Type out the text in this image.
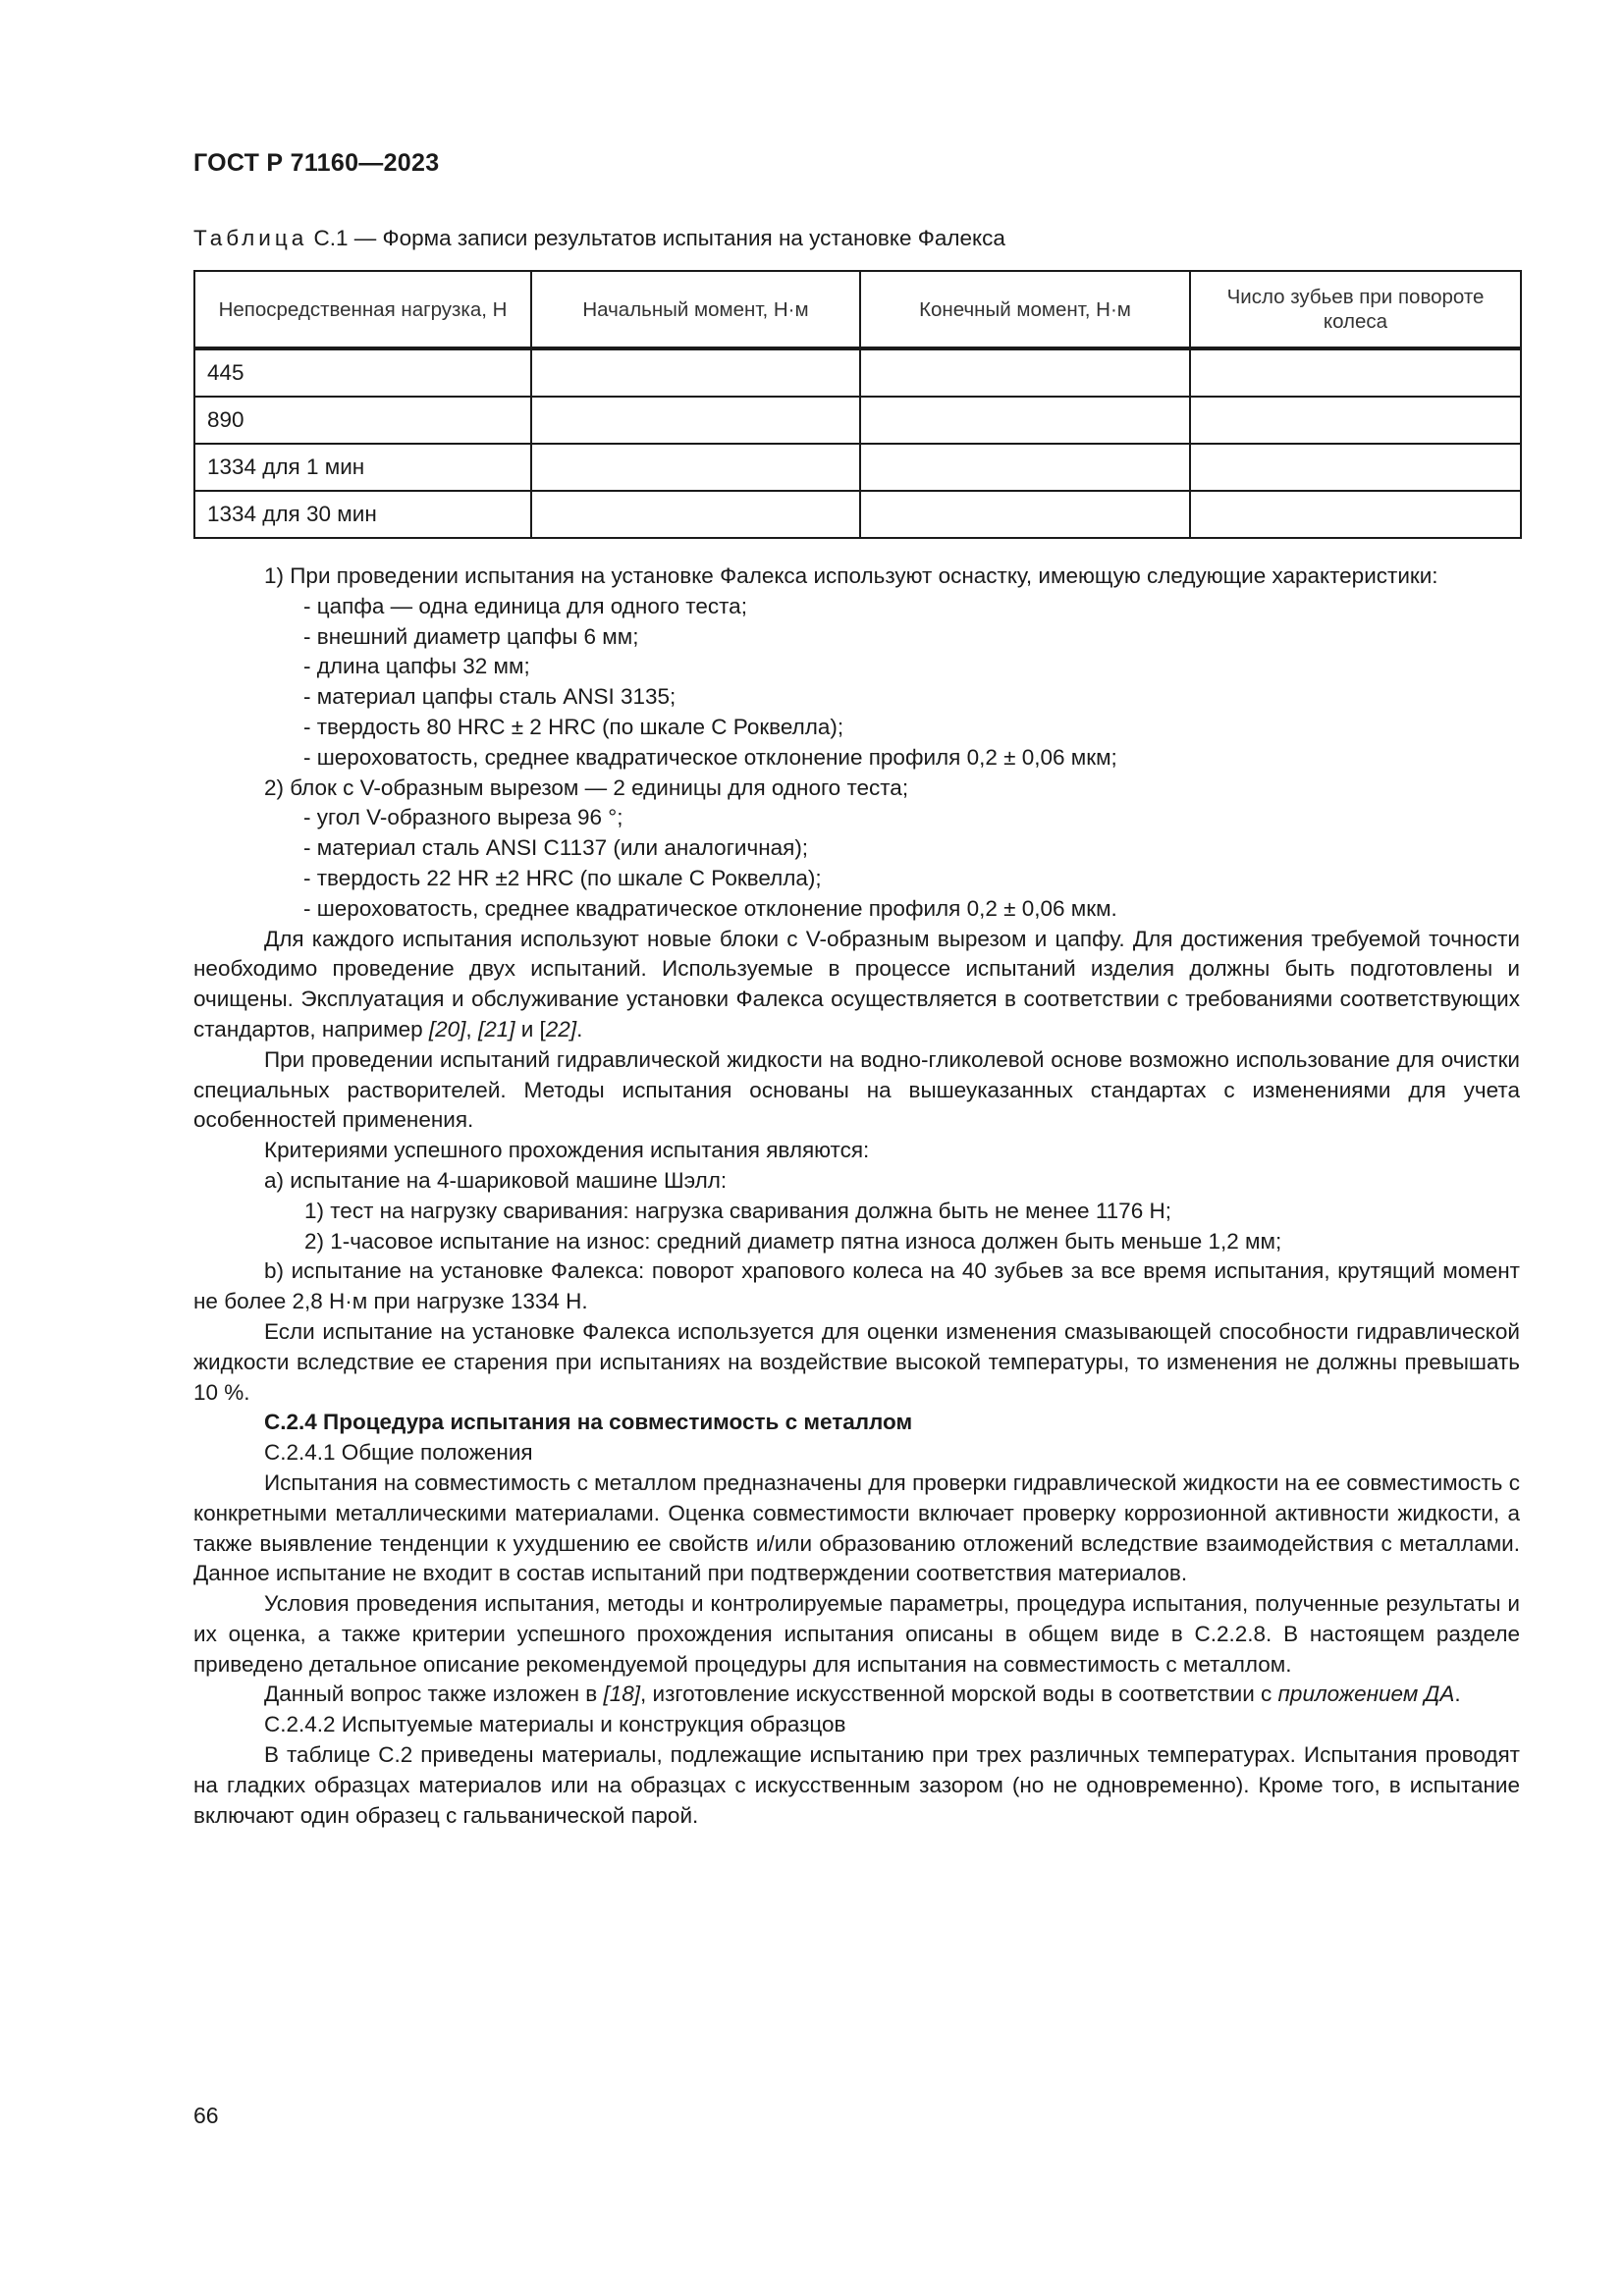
ГОСТ Р 71160—2023
Таблица С.1 — Форма записи результатов испытания на установке Фалекса
Непосредственная нагрузка, Н	Начальный момент, Н·м	Конечный момент, Н·м	Число зубьев при повороте колеса
445			
890			
1334 для 1 мин			
1334 для 30 мин			

1) При проведении испытания на установке Фалекса используют оснастку, имеющую следующие характеристики:

- цапфа — одна единица для одного теста;

- внешний диаметр цапфы 6 мм;

- длина цапфы 32 мм;

- материал цапфы сталь ANSI 3135;

- твердость 80 HRC ± 2 HRC (по шкале С Роквелла);

- шероховатость, среднее квадратическое отклонение профиля 0,2 ± 0,06 мкм;

2) блок с V-образным вырезом — 2 единицы для одного теста;

- угол V-образного выреза 96 °;

- материал сталь ANSI C1137 (или аналогичная);

- твердость 22 HR ±2 HRC (по шкале С Роквелла);

- шероховатость, среднее квадратическое отклонение профиля 0,2 ± 0,06 мкм.

Для каждого испытания используют новые блоки с V-образным вырезом и цапфу. Для достижения требуемой точности необходимо проведение двух испытаний. Используемые в процессе испытаний изделия должны быть подготовлены и очищены. Эксплуатация и обслуживание установки Фалекса осуществляется в соответствии с требованиями соответствующих стандартов, например [20], [21] и [22].

При проведении испытаний гидравлической жидкости на водно-гликолевой основе возможно использование для очистки специальных растворителей. Методы испытания основаны на вышеуказанных стандартах с изменениями для учета особенностей применения.

Критериями успешного прохождения испытания являются:

а) испытание на 4-шариковой машине Шэлл:

1) тест на нагрузку сваривания: нагрузка сваривания должна быть не менее 1176 Н;

2) 1-часовое испытание на износ: средний диаметр пятна износа должен быть меньше 1,2 мм;

b) испытание на установке Фалекса: поворот храпового колеса на 40 зубьев за все время испытания, крутящий момент не более 2,8 Н·м при нагрузке 1334 Н.

Если испытание на установке Фалекса используется для оценки изменения смазывающей способности гидравлической жидкости вследствие ее старения при испытаниях на воздействие высокой температуры, то изменения не должны превышать 10 %.

С.2.4 Процедура испытания на совместимость с металлом

С.2.4.1 Общие положения

Испытания на совместимость с металлом предназначены для проверки гидравлической жидкости на ее совместимость с конкретными металлическими материалами. Оценка совместимости включает проверку коррозионной активности жидкости, а также выявление тенденции к ухудшению ее свойств и/или образованию отложений вследствие взаимодействия с металлами. Данное испытание не входит в состав испытаний при подтверждении соответствия материалов.

Условия проведения испытания, методы и контролируемые параметры, процедура испытания, полученные результаты и их оценка, а также критерии успешного прохождения испытания описаны в общем виде в С.2.2.8. В настоящем разделе приведено детальное описание рекомендуемой процедуры для испытания на совместимость с металлом.

Данный вопрос также изложен в [18], изготовление искусственной морской воды в соответствии с приложением ДА.

С.2.4.2 Испытуемые материалы и конструкция образцов

В таблице С.2 приведены материалы, подлежащие испытанию при трех различных температурах. Испытания проводят на гладких образцах материалов или на образцах с искусственным зазором (но не одновременно). Кроме того, в испытание включают один образец с гальванической парой.

66
